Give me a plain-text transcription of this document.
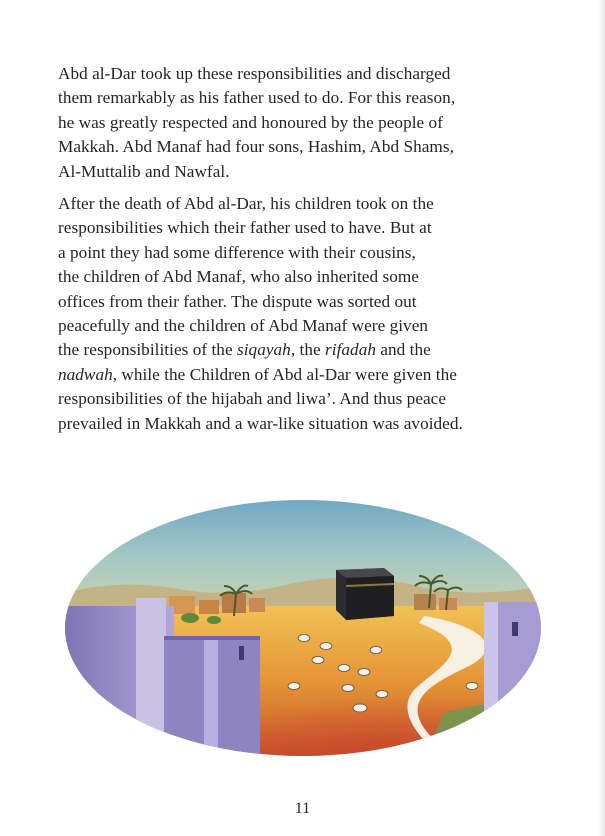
Abd al-Dar took up these responsibilities and discharged
them remarkably as his father used to do. For this reason,
he was greatly respected and honoured by the people of
Makkah. Abd Manaf had four sons, Hashim, Abd Shams,
Al-Muttalib and Nawfal.

After the death of Abd al-Dar, his children took on the
responsibilities which their father used to have. But at
a point they had some difference with their cousins,
the children of Abd Manaf, who also inherited some
offices from their father. The dispute was sorted out
peacefully and the children of Abd Manaf were given
the responsibilities of the siqayah, the rifadah and the
nadwah, while the Children of Abd al-Dar were given the
responsibilities of the hijabah and liwa’. And thus peace
prevailed in Makkah and a war-like situation was avoided.

11
